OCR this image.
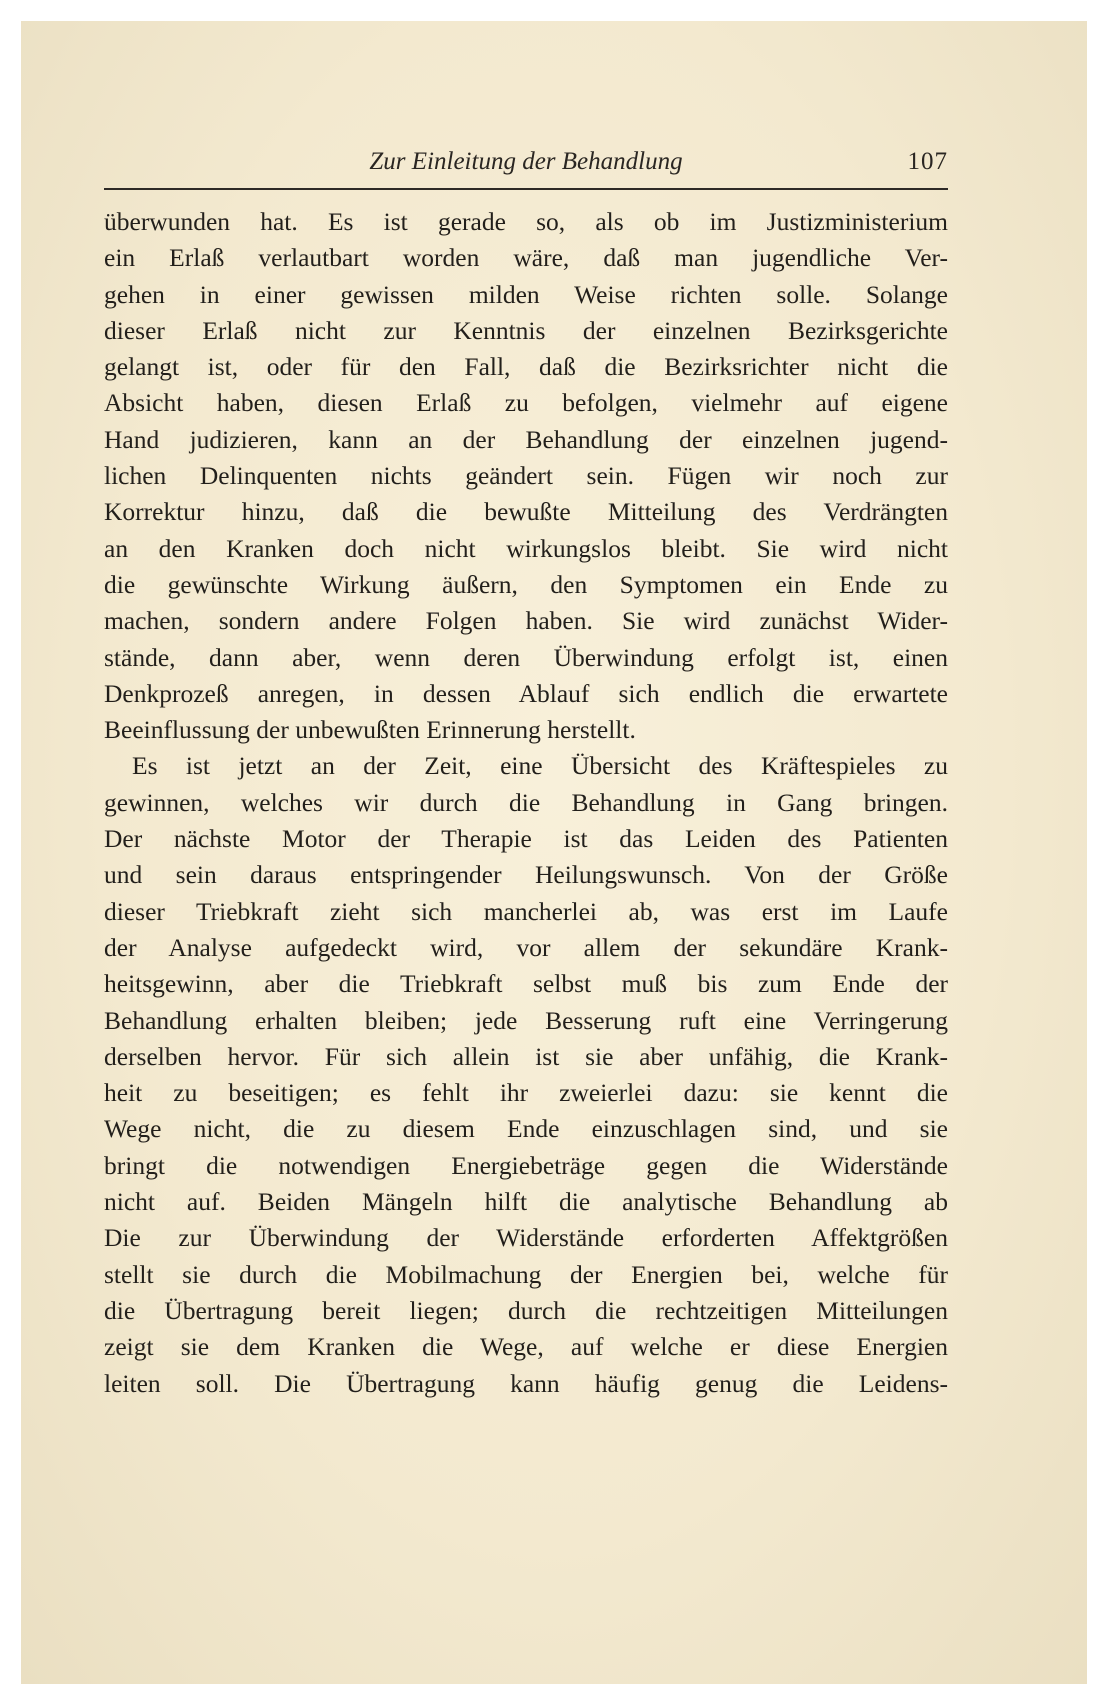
Zur Einleitung der Behandlung	107
überwunden hat. Es ist gerade so, als ob im Justizministerium
ein Erlaß verlautbart worden wäre, daß man jugendliche Ver-
gehen in einer gewissen milden Weise richten solle. Solange
dieser Erlaß nicht zur Kenntnis der einzelnen Bezirksgerichte
gelangt ist, oder für den Fall, daß die Bezirksrichter nicht die
Absicht haben, diesen Erlaß zu befolgen, vielmehr auf eigene
Hand judizieren, kann an der Behandlung der einzelnen jugend-
lichen Delinquenten nichts geändert sein. Fügen wir noch zur
Korrektur hinzu, daß die bewußte Mitteilung des Verdrängten
an den Kranken doch nicht wirkungslos bleibt. Sie wird nicht
die gewünschte Wirkung äußern, den Symptomen ein Ende zu
machen, sondern andere Folgen haben. Sie wird zunächst Wider-
stände, dann aber, wenn deren Überwindung erfolgt ist, einen
Denkprozeß anregen, in dessen Ablauf sich endlich die erwartete
Beeinflussung der unbewußten Erinnerung herstellt.
Es ist jetzt an der Zeit, eine Übersicht des Kräftespieles zu
gewinnen, welches wir durch die Behandlung in Gang bringen.
Der nächste Motor der Therapie ist das Leiden des Patienten
und sein daraus entspringender Heilungswunsch. Von der Größe
dieser Triebkraft zieht sich mancherlei ab, was erst im Laufe
der Analyse aufgedeckt wird, vor allem der sekundäre Krank-
heitsgewinn, aber die Triebkraft selbst muß bis zum Ende der
Behandlung erhalten bleiben; jede Besserung ruft eine Verringerung
derselben hervor. Für sich allein ist sie aber unfähig, die Krank-
heit zu beseitigen; es fehlt ihr zweierlei dazu: sie kennt die
Wege nicht, die zu diesem Ende einzuschlagen sind, und sie
bringt die notwendigen Energiebeträge gegen die Widerstände
nicht auf. Beiden Mängeln hilft die analytische Behandlung ab
Die zur Überwindung der Widerstände erforderten Affektgrößen
stellt sie durch die Mobilmachung der Energien bei, welche für
die Übertragung bereit liegen; durch die rechtzeitigen Mitteilungen
zeigt sie dem Kranken die Wege, auf welche er diese Energien
leiten soll. Die Übertragung kann häufig genug die Leidens-
